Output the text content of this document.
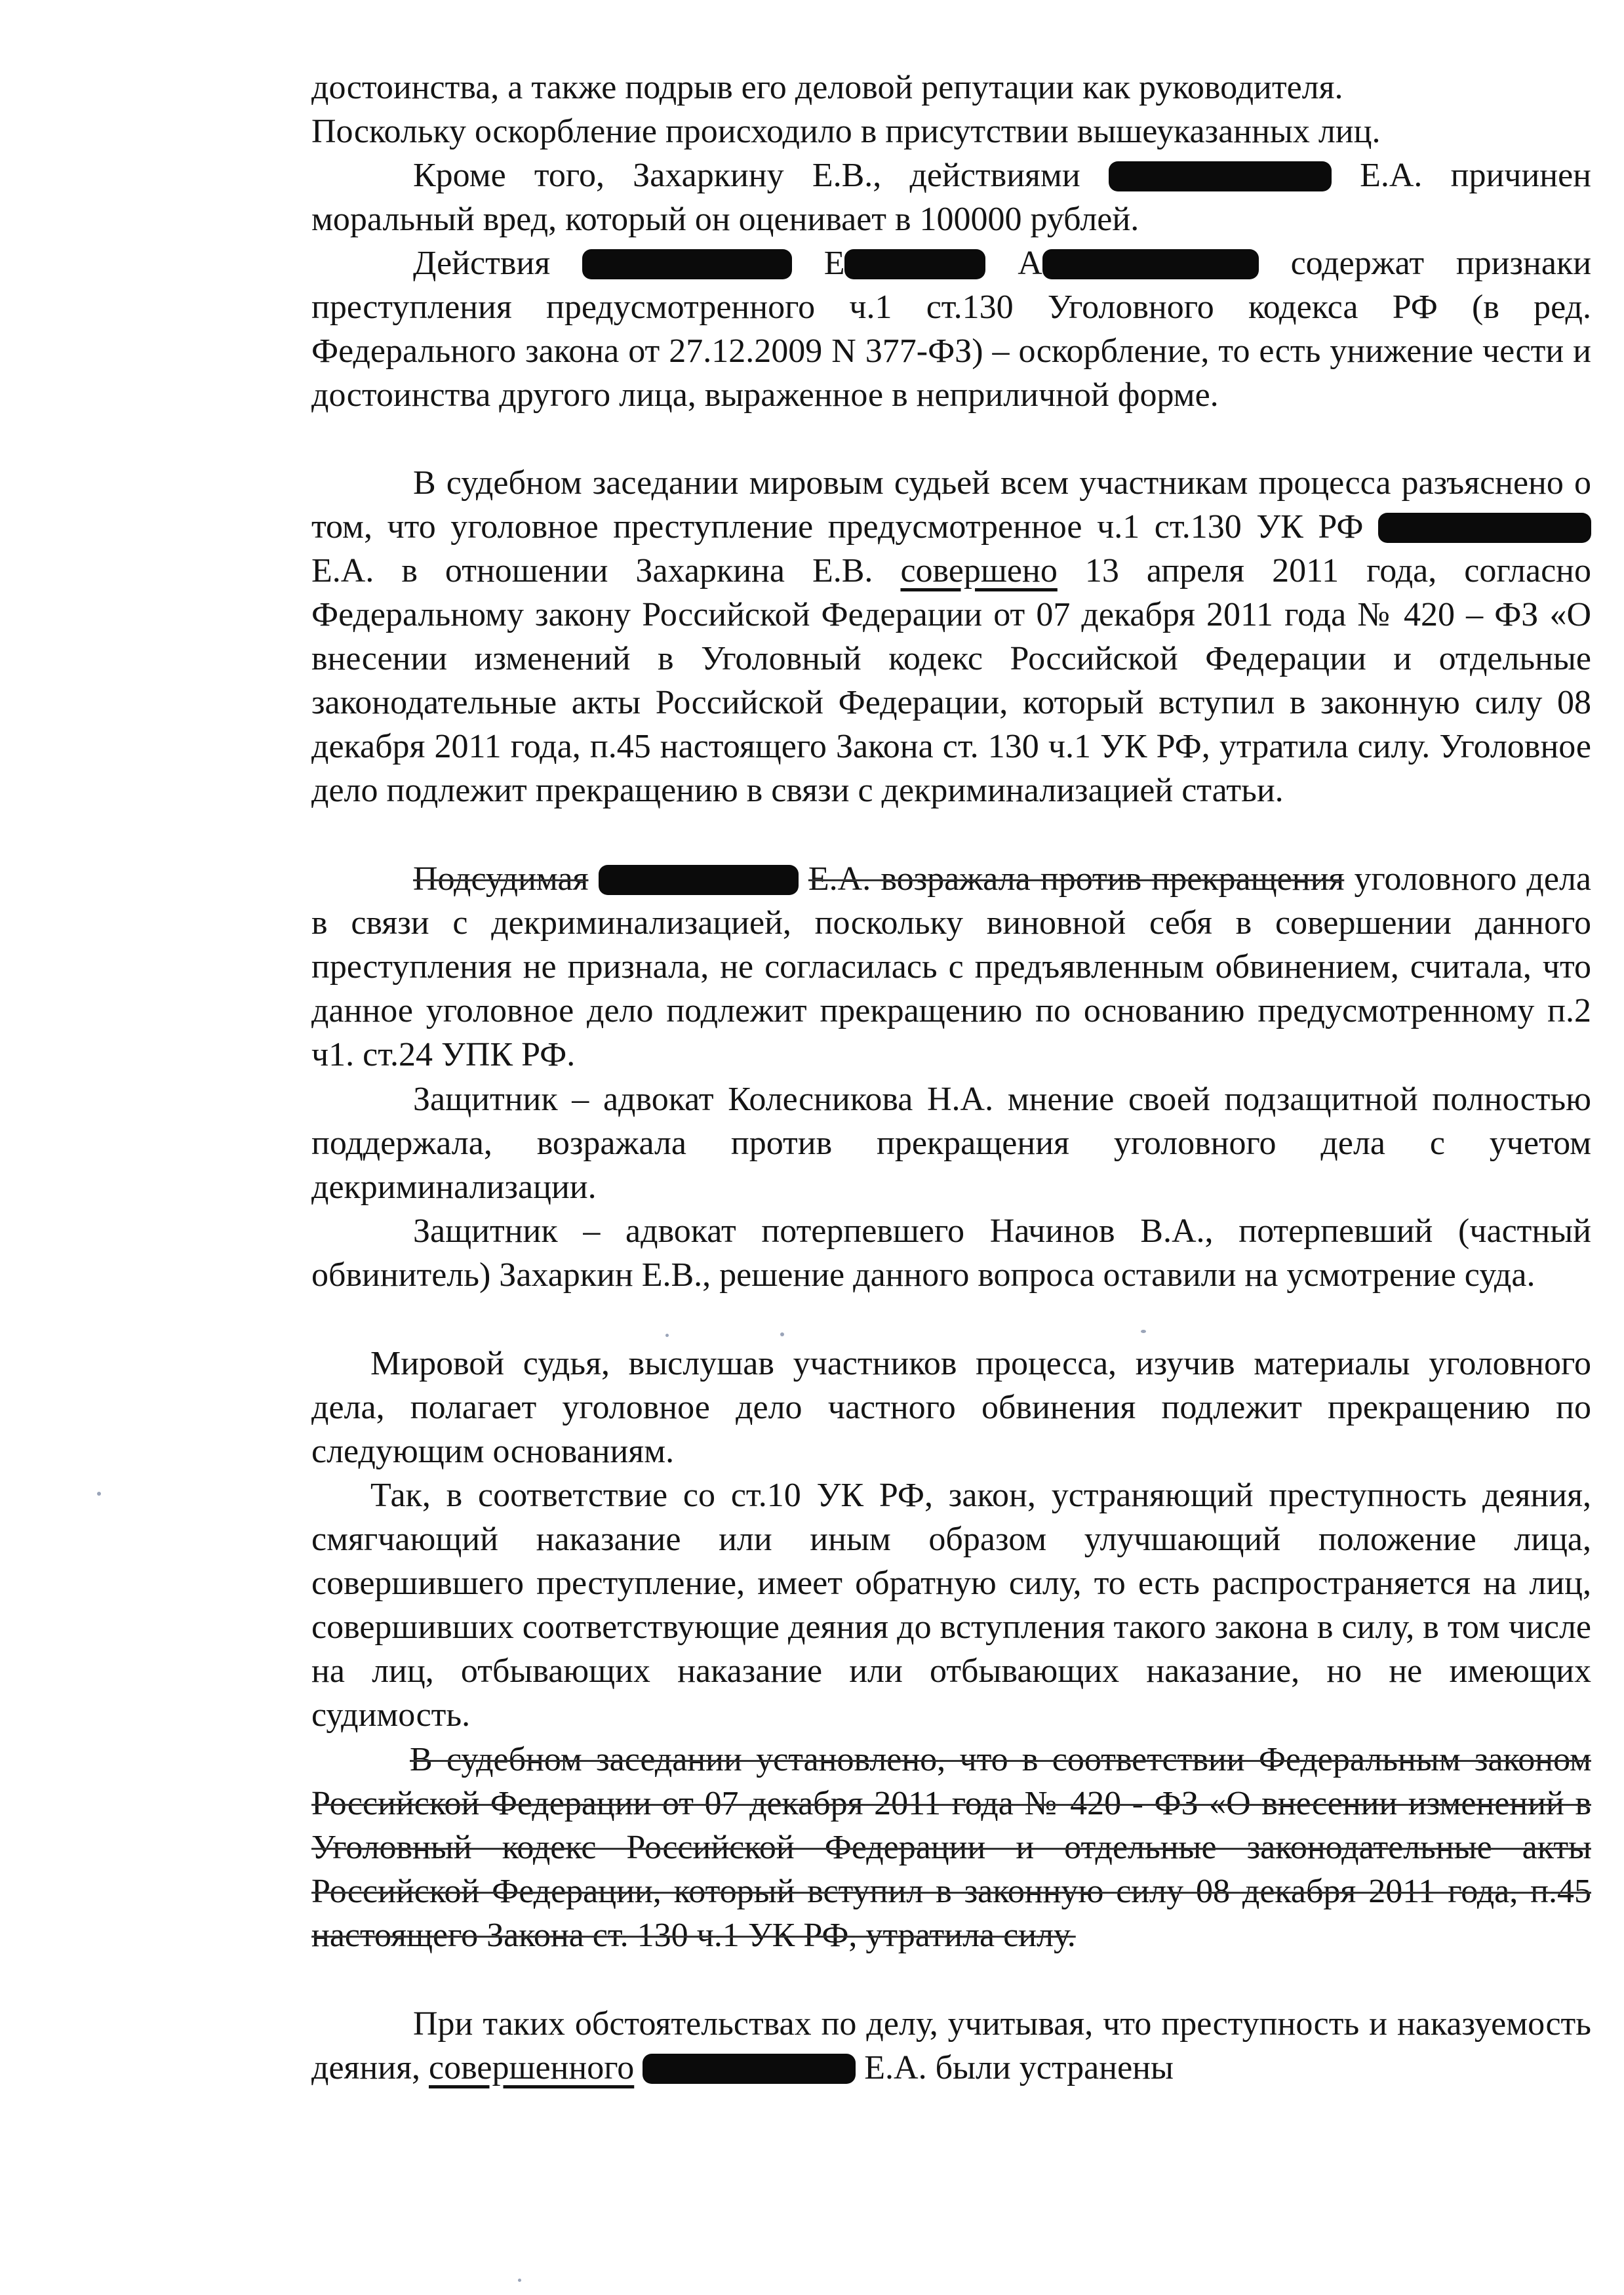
достоинства, а также подрыв его деловой репутации как руководителя.
Поскольку оскорбление происходило в присутствии вышеуказанных лиц.

Кроме того, Захаркину Е.В., действиями	Е.А. причинен моральный вред, который он оценивает в 100000 рублей.

Действия	Е	А	содержат признаки преступления предусмотренного ч.1 ст.130 Уголовного кодекса РФ (в ред. Федерального закона от 27.12.2009 N 377-ФЗ) – оскорбление, то есть унижение чести и достоинства другого лица, выраженное в неприличной форме.

В судебном заседании мировым судьей всем участникам процесса разъяснено о том, что уголовное преступление предусмотренное ч.1 ст.130 УК РФ  Е.А. в отношении Захаркина Е.В. совершено 13 апреля 2011 года, согласно Федеральному закону Российской Федерации от 07 декабря 2011 года № 420 – ФЗ «О внесении изменений в Уголовный кодекс Российской Федерации и отдельные законодательные акты Российской Федерации, который вступил в законную силу 08 декабря 2011 года, п.45 настоящего Закона ст. 130 ч.1 УК РФ, утратила силу. Уголовное дело подлежит прекращению в связи с декриминализацией статьи.

Подсудимая	Е.А. возражала против прекращения уголовного дела в связи с декриминализацией, поскольку виновной себя в совершении данного преступления не признала, не согласилась с предъявленным обвинением, считала, что данное уголовное дело подлежит прекращению по основанию предусмотренному п.2 ч1. ст.24 УПК РФ.

Защитник – адвокат Колесникова Н.А. мнение своей подзащитной полностью поддержала, возражала против прекращения уголовного дела с учетом декриминализации.

Защитник – адвокат потерпевшего Начинов В.А., потерпевший (частный обвинитель) Захаркин Е.В., решение данного вопроса оставили на усмотрение суда.

Мировой судья, выслушав участников процесса, изучив материалы уголовного дела, полагает уголовное дело частного обвинения подлежит прекращению по следующим основаниям.

Так, в соответствие со ст.10 УК РФ, закон, устраняющий преступность деяния, смягчающий наказание или иным образом улучшающий положение лица, совершившего преступление, имеет обратную силу, то есть распространяется на лиц, совершивших соответствующие деяния до вступления такого закона в силу, в том числе на лиц, отбывающих наказание или отбывающих наказание, но не имеющих судимость.

В судебном заседании установлено, что в соответствии Федеральным законом Российской Федерации от 07 декабря 2011 года № 420 - ФЗ «О внесении изменений в Уголовный кодекс Российской Федерации и отдельные законодательные акты Российской Федерации, который вступил в законную силу 08 декабря 2011 года, п.45 настоящего Закона ст. 130 ч.1 УК РФ, утратила силу.

При таких обстоятельствах по делу, учитывая, что преступность и наказуемость деяния, совершенного	Е.А. были устранены
